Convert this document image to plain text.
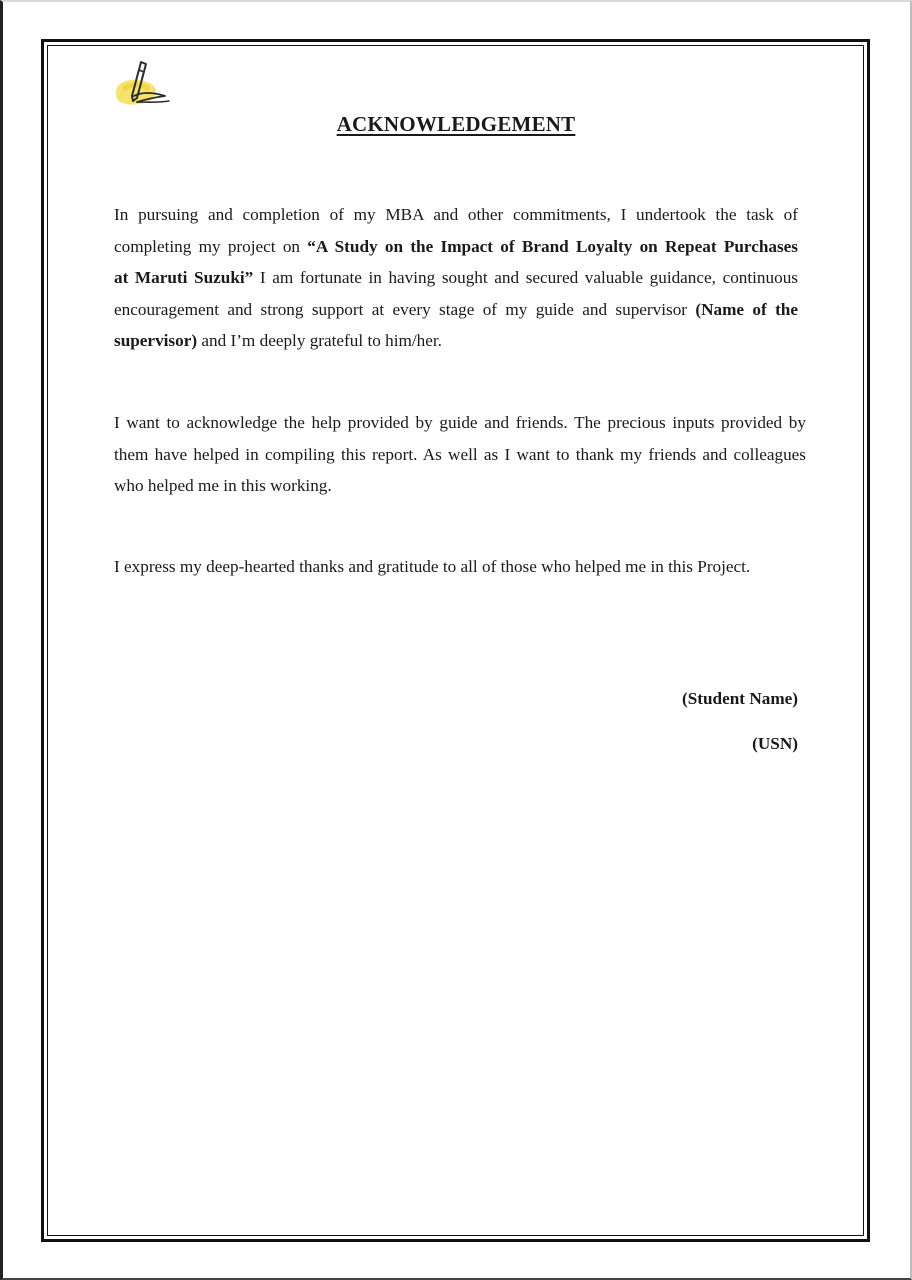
ACKNOWLEDGEMENT
In pursuing and completion of my MBA and other commitments, I undertook the task of
completing my project on “A Study on the Impact of Brand Loyalty on Repeat Purchases
at Maruti Suzuki” I am fortunate in having sought and secured valuable guidance, continuous
encouragement and strong support at every stage of my guide and supervisor (Name of the
supervisor) and I’m deeply grateful to him/her.
I want to acknowledge the help provided by guide and friends. The precious inputs provided by
them have helped in compiling this report. As well as I want to thank my friends and colleagues
who helped me in this working.
I express my deep-hearted thanks and gratitude to all of those who helped me in this Project.
(Student Name)
(USN)
